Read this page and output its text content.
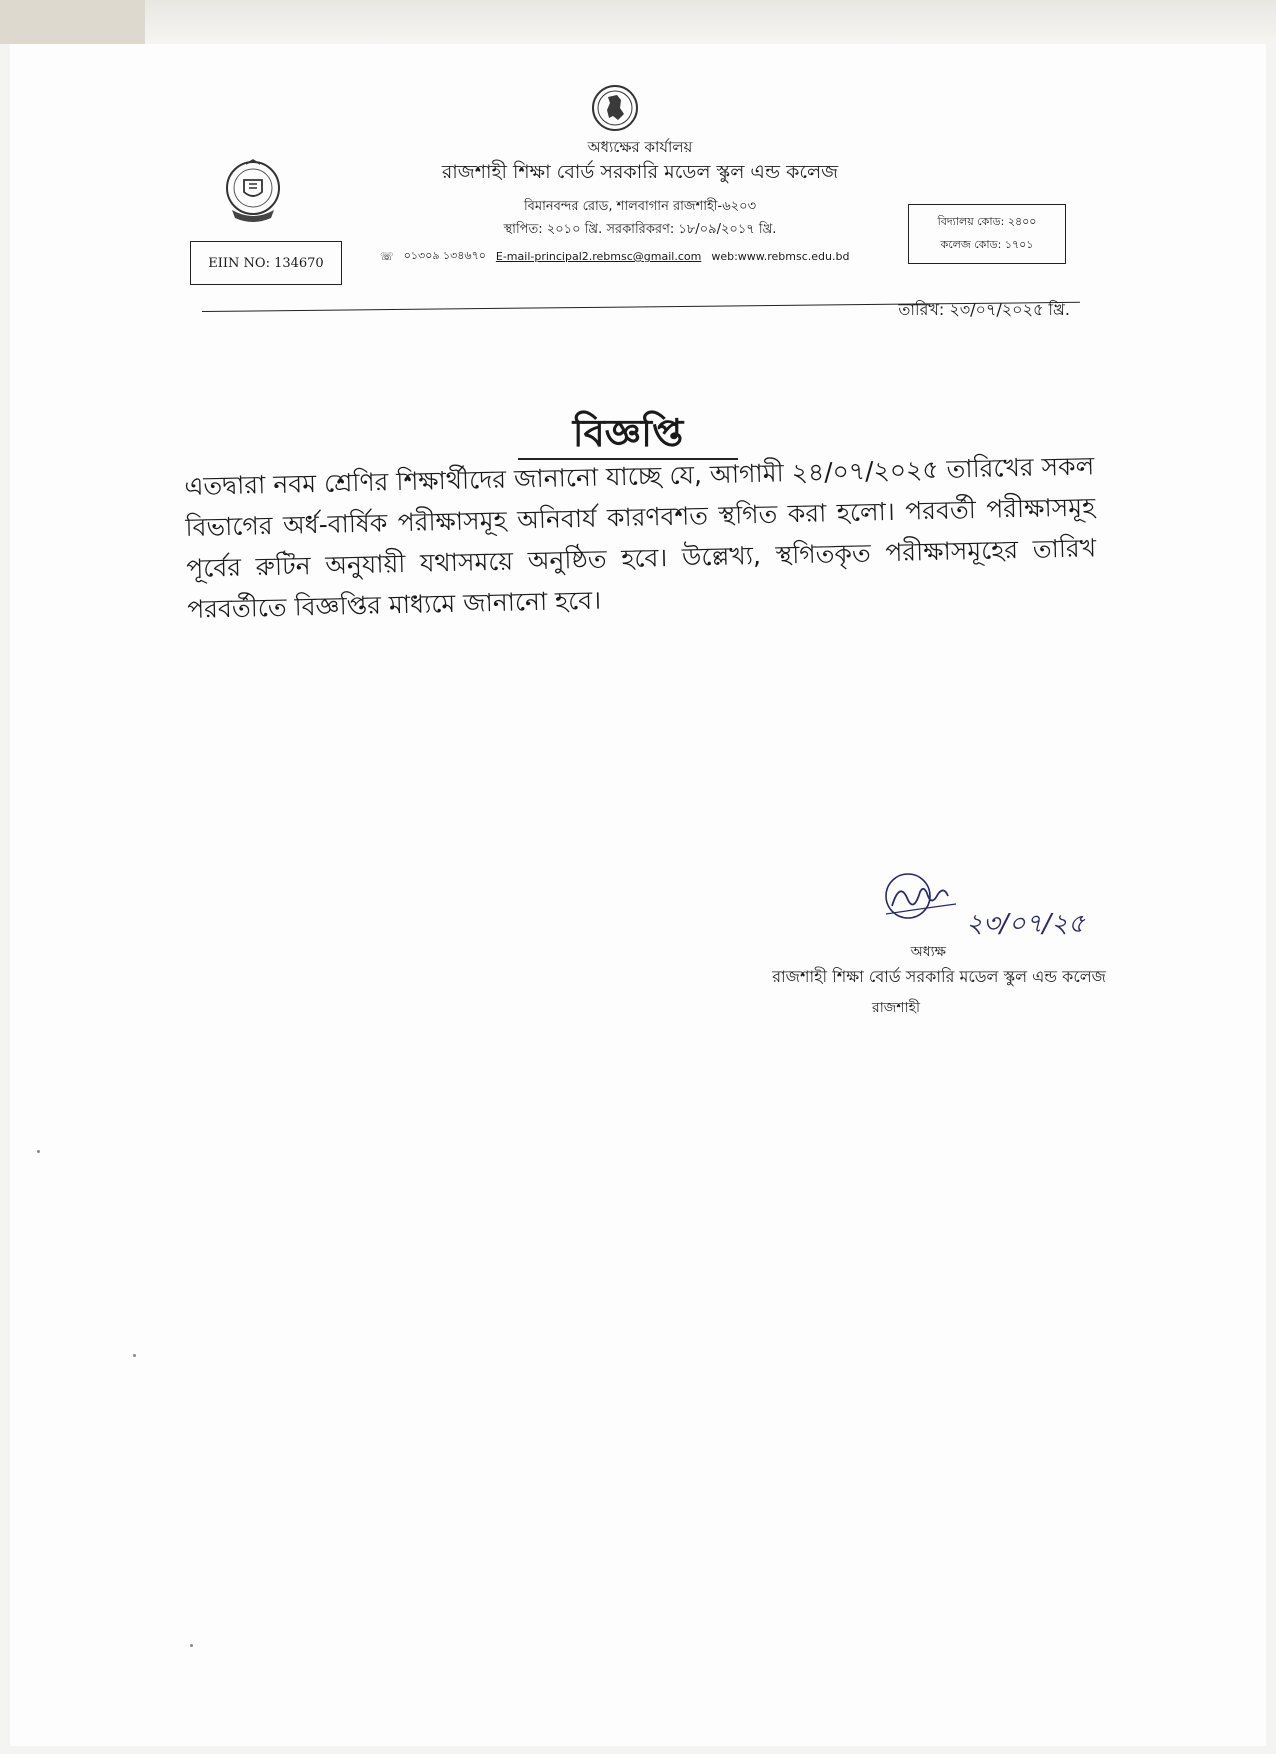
অধ্যক্ষের কার্যালয়
রাজশাহী শিক্ষা বোর্ড সরকারি মডেল স্কুল এন্ড কলেজ
বিমানবন্দর রোড, শালবাগান রাজশাহী-৬২০৩
স্থাপিত: ২০১০ খ্রি. সরকারিকরণ: ১৮/০৯/২০১৭ খ্রি.
☏ ০১৩০৯ ১৩৪৬৭০ E-mail-principal2.rebmsc@gmail.com web:www.rebmsc.edu.bd
EIIN NO: 134670
বিদ্যালয় কোড: ২৪০০
কলেজ কোড: ১৭০১
তারিখ: ২৩/০৭/২০২৫ খ্রি.
বিজ্ঞপ্তি
এতদ্বারা নবম শ্রেণির শিক্ষার্থীদের জানানো যাচ্ছে যে, আগামী ২৪/০৭/২০২৫ তারিখের সকল বিভাগের অর্ধ-বার্ষিক পরীক্ষাসমূহ অনিবার্য কারণবশত স্থগিত করা হলো। পরবর্তী পরীক্ষাসমূহ পূর্বের রুটিন অনুযায়ী যথাসময়ে অনুষ্ঠিত হবে। উল্লেখ্য, স্থগিতকৃত পরীক্ষাসমূহের তারিখ পরবর্তীতে বিজ্ঞপ্তির মাধ্যমে জানানো হবে।
২৩/০৭/২৫
অধ্যক্ষ
রাজশাহী শিক্ষা বোর্ড সরকারি মডেল স্কুল এন্ড কলেজ
রাজশাহী
